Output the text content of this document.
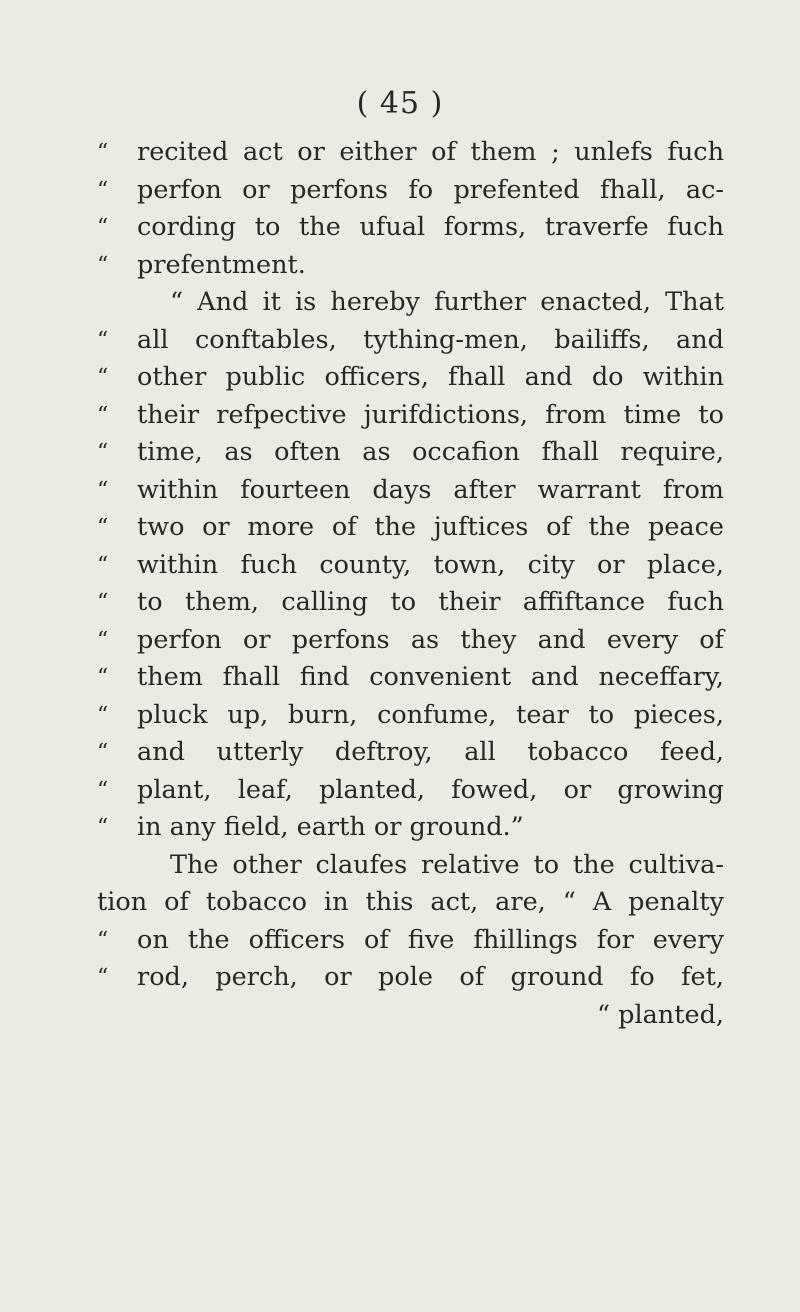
( 45 )
“ recited act or either of them ; unlefs fuch
“ perfon or perfons fo prefented fhall, ac-
“ cording to the ufual forms, traverfe fuch
“ prefentment.
“ And it is hereby further enacted, That
“ all conftables, tything-men, bailiffs, and
“ other public officers, fhall and do within
“ their refpective jurifdictions, from time to
“ time, as often as occafion fhall require,
“ within fourteen days after warrant from
“ two or more of the juftices of the peace
“ within fuch county, town, city or place,
“ to them, calling to their affiftance fuch
“ perfon or perfons as they and every of
“ them fhall find convenient and neceffary,
“ pluck up, burn, confume, tear to pieces,
“ and utterly deftroy, all tobacco feed,
“ plant, leaf, planted, fowed, or growing
“ in any field, earth or ground.”
The other claufes relative to the cultiva-
tion of tobacco in this act, are, “ A penalty
“ on the officers of five fhillings for every
“ rod, perch, or pole of ground fo fet,
“ planted,
